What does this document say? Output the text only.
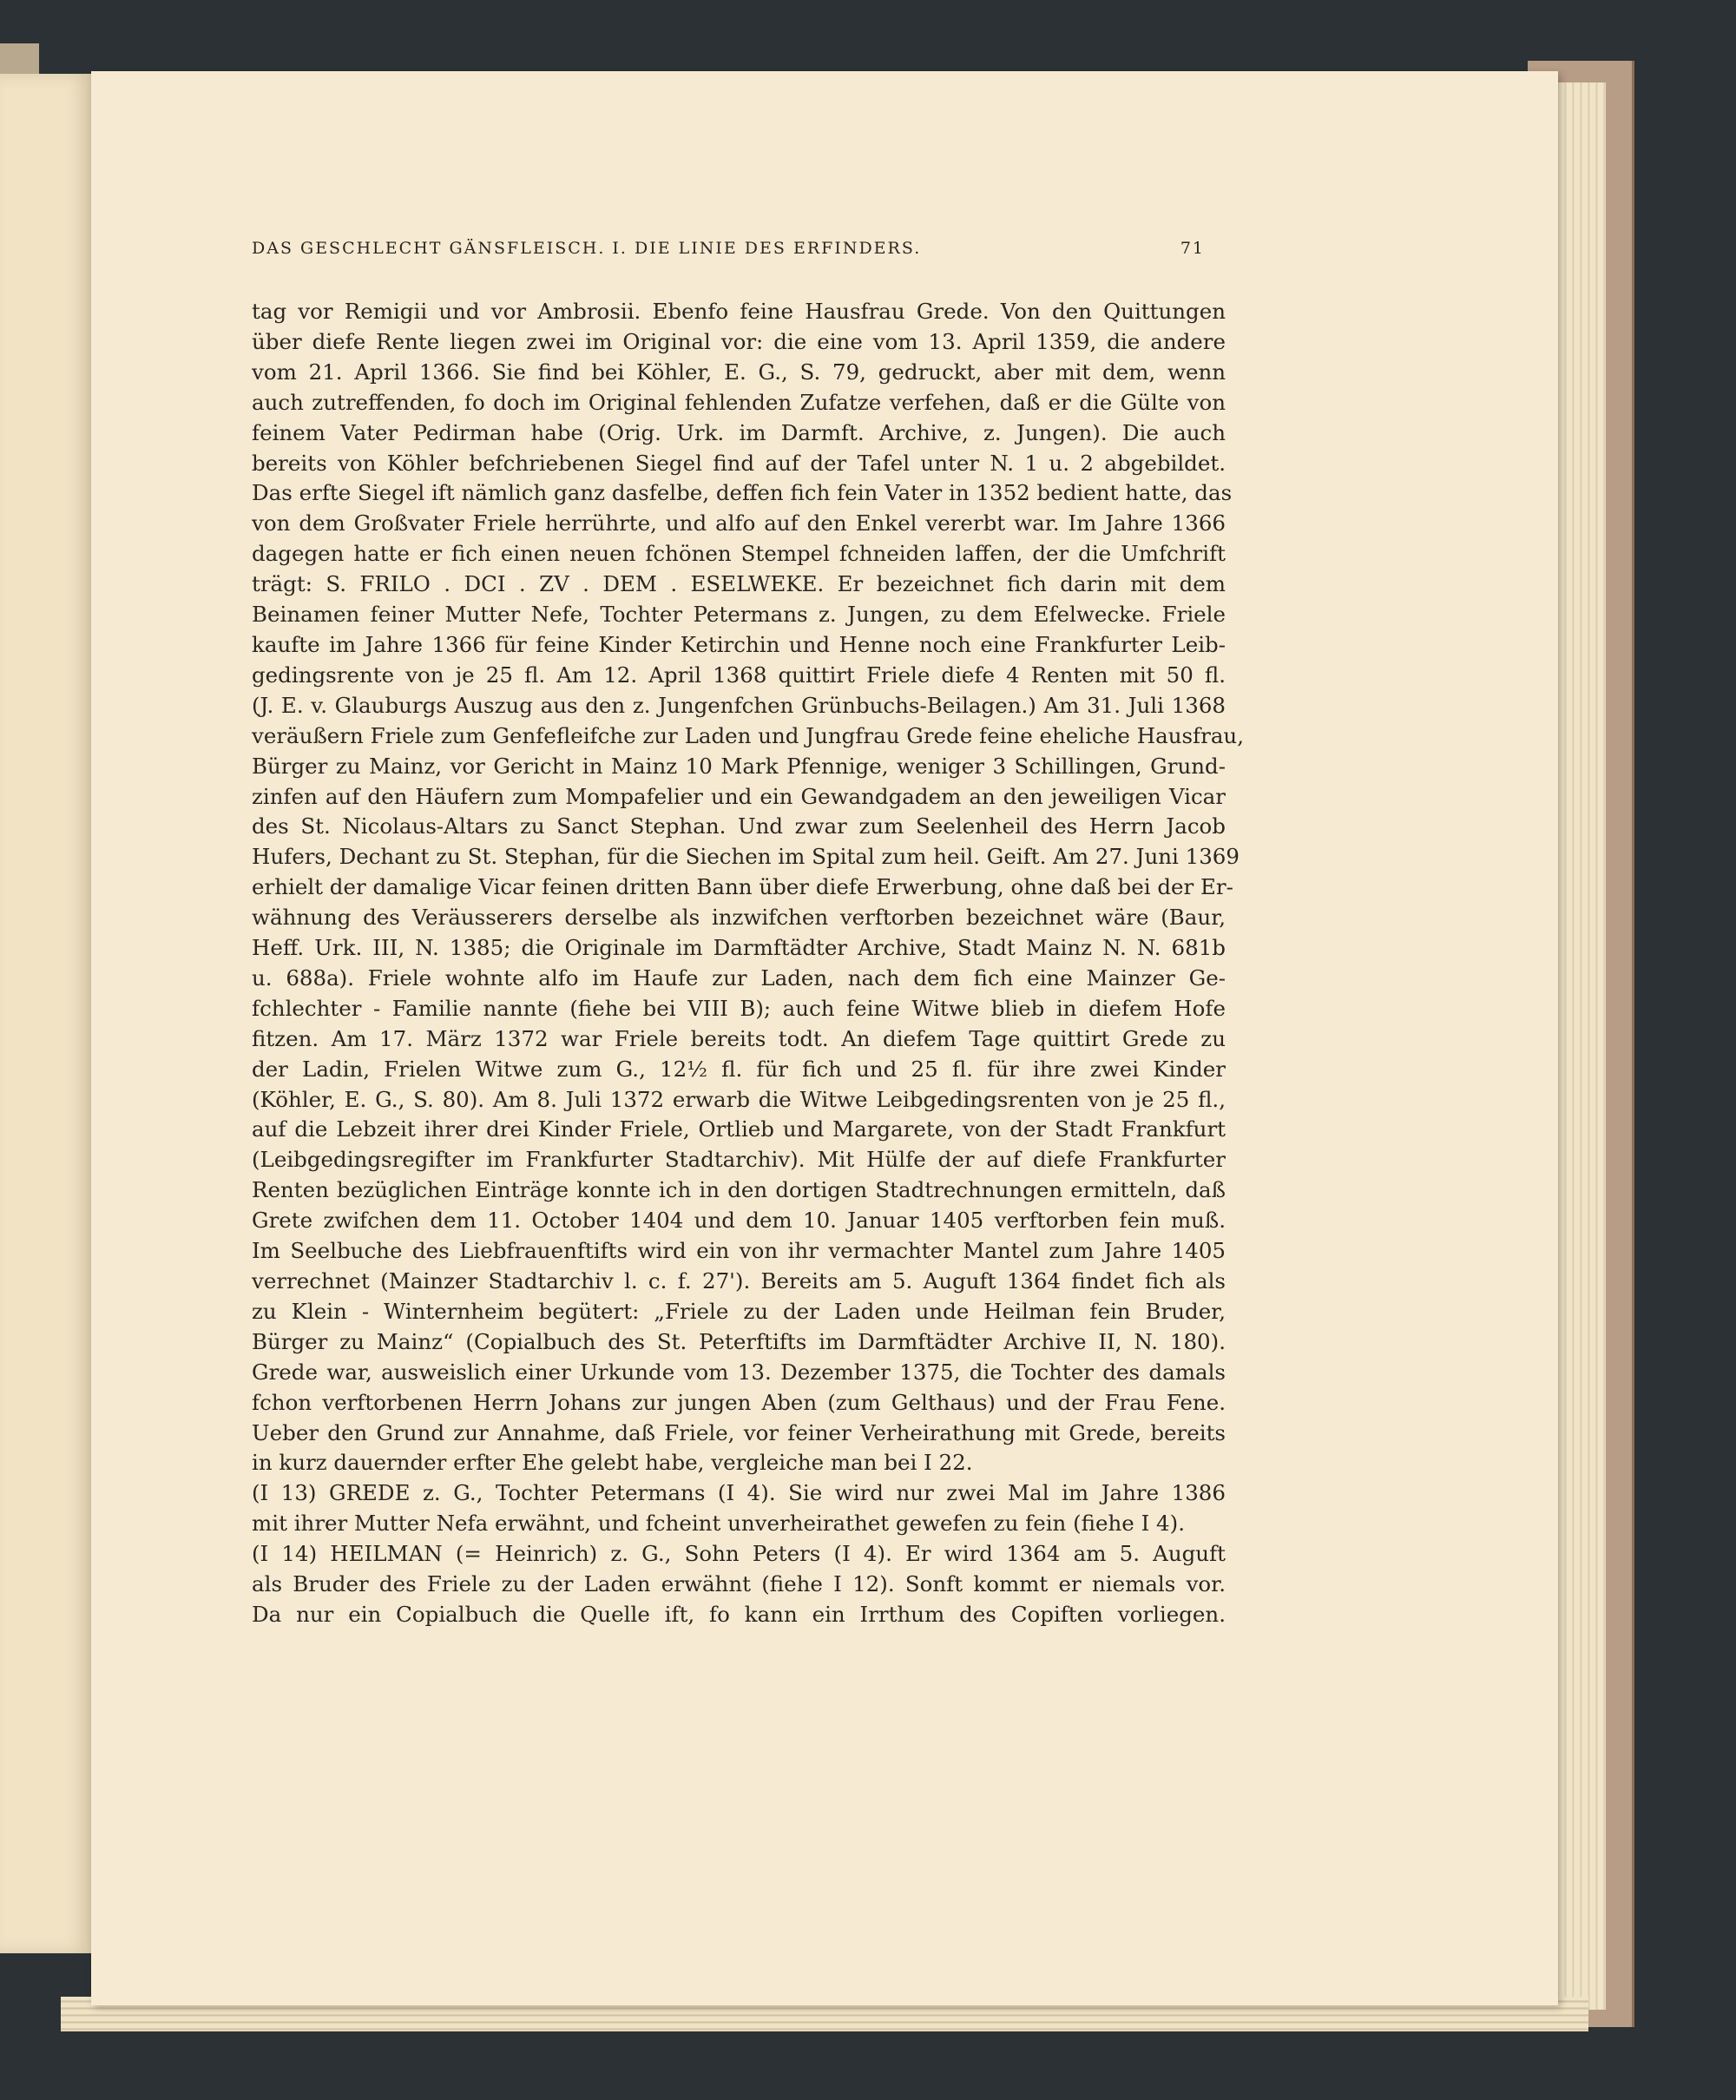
DAS GESCHLECHT GÄNSFLEISCH. I. DIE LINIE DES ERFINDERS.	71
tag vor Remigii und vor Ambrosii. Ebenfo feine Hausfrau Grede. Von den Quittungen
über diefe Rente liegen zwei im Original vor: die eine vom 13. April 1359, die andere
vom 21. April 1366. Sie find bei Köhler, E. G., S. 79, gedruckt, aber mit dem, wenn
auch zutreffenden, fo doch im Original fehlenden Zufatze verfehen, daß er die Gülte von
feinem Vater Pedirman habe (Orig. Urk. im Darmft. Archive, z. Jungen). Die auch
bereits von Köhler befchriebenen Siegel find auf der Tafel unter N. 1 u. 2 abgebildet.
Das erfte Siegel ift nämlich ganz dasfelbe, deffen fich fein Vater in 1352 bedient hatte, das
von dem Großvater Friele herrührte, und alfo auf den Enkel vererbt war. Im Jahre 1366
dagegen hatte er fich einen neuen fchönen Stempel fchneiden laffen, der die Umfchrift
trägt: S. FRILO . DCI . ZV . DEM . ESELWEKE. Er bezeichnet fich darin mit dem
Beinamen feiner Mutter Nefe, Tochter Petermans z. Jungen, zu dem Efelwecke. Friele
kaufte im Jahre 1366 für feine Kinder Ketirchin und Henne noch eine Frankfurter Leib-
gedingsrente von je 25 fl. Am 12. April 1368 quittirt Friele diefe 4 Renten mit 50 fl.
(J. E. v. Glauburgs Auszug aus den z. Jungenfchen Grünbuchs-Beilagen.) Am 31. Juli 1368
veräußern Friele zum Genfefleifche zur Laden und Jungfrau Grede feine eheliche Hausfrau,
Bürger zu Mainz, vor Gericht in Mainz 10 Mark Pfennige, weniger 3 Schillingen, Grund-
zinfen auf den Häufern zum Mompafelier und ein Gewandgadem an den jeweiligen Vicar
des St. Nicolaus-Altars zu Sanct Stephan. Und zwar zum Seelenheil des Herrn Jacob
Hufers, Dechant zu St. Stephan, für die Siechen im Spital zum heil. Geift. Am 27. Juni 1369
erhielt der damalige Vicar feinen dritten Bann über diefe Erwerbung, ohne daß bei der Er-
wähnung des Veräusserers derselbe als inzwifchen verftorben bezeichnet wäre (Baur,
Heff. Urk. III, N. 1385; die Originale im Darmftädter Archive, Stadt Mainz N. N. 681b
u. 688a). Friele wohnte alfo im Haufe zur Laden, nach dem fich eine Mainzer Ge-
fchlechter - Familie nannte (fiehe bei VIII B); auch feine Witwe blieb in diefem Hofe
fitzen. Am 17. März 1372 war Friele bereits todt. An diefem Tage quittirt Grede zu
der Ladin, Frielen Witwe zum G., 12½ fl. für fich und 25 fl. für ihre zwei Kinder
(Köhler, E. G., S. 80). Am 8. Juli 1372 erwarb die Witwe Leibgedingsrenten von je 25 fl.,
auf die Lebzeit ihrer drei Kinder Friele, Ortlieb und Margarete, von der Stadt Frankfurt
(Leibgedingsregifter im Frankfurter Stadtarchiv). Mit Hülfe der auf diefe Frankfurter
Renten bezüglichen Einträge konnte ich in den dortigen Stadtrechnungen ermitteln, daß
Grete zwifchen dem 11. October 1404 und dem 10. Januar 1405 verftorben fein muß.
Im Seelbuche des Liebfrauenftifts wird ein von ihr vermachter Mantel zum Jahre 1405
verrechnet (Mainzer Stadtarchiv l. c. f. 27'). Bereits am 5. Auguft 1364 findet fich als
zu Klein - Winternheim begütert: „Friele zu der Laden unde Heilman fein Bruder,
Bürger zu Mainz“ (Copialbuch des St. Peterftifts im Darmftädter Archive II, N. 180).
Grede war, ausweislich einer Urkunde vom 13. Dezember 1375, die Tochter des damals
fchon verftorbenen Herrn Johans zur jungen Aben (zum Gelthaus) und der Frau Fene.
Ueber den Grund zur Annahme, daß Friele, vor feiner Verheirathung mit Grede, bereits
in kurz dauernder erfter Ehe gelebt habe, vergleiche man bei I 22.
(I 13) GREDE z. G., Tochter Petermans (I 4). Sie wird nur zwei Mal im Jahre 1386
mit ihrer Mutter Nefa erwähnt, und fcheint unverheirathet gewefen zu fein (fiehe I 4).
(I 14) HEILMAN (= Heinrich) z. G., Sohn Peters (I 4). Er wird 1364 am 5. Auguft
als Bruder des Friele zu der Laden erwähnt (fiehe I 12). Sonft kommt er niemals vor.
Da nur ein Copialbuch die Quelle ift, fo kann ein Irrthum des Copiften vorliegen.
